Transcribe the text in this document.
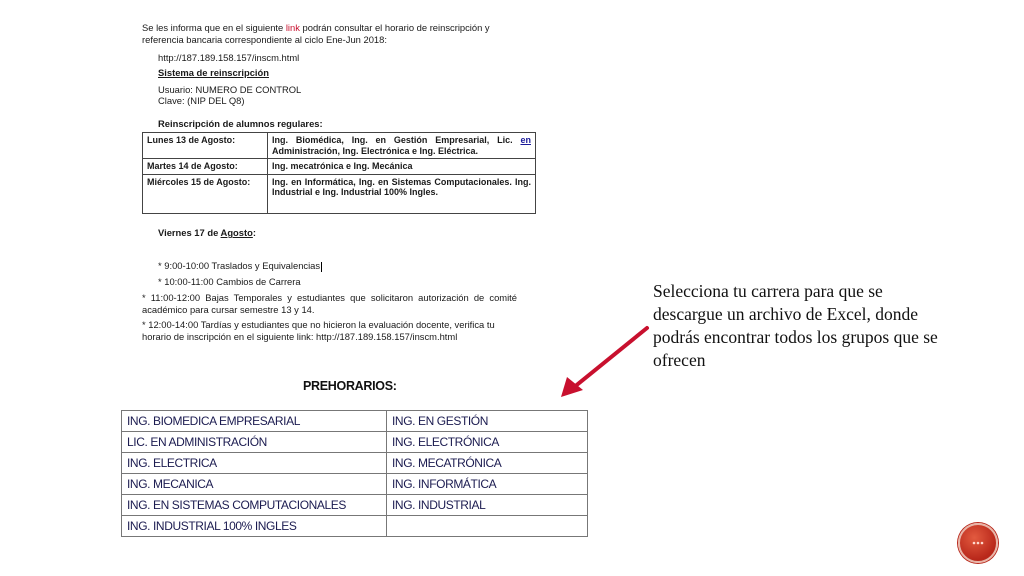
Se les informa que en el siguiente link podrán consultar el horario de reinscripción y referencia bancaria correspondiente al ciclo Ene-Jun 2018:

http://187.189.158.157/inscm.html

Sistema de reinscripción

Usuario: NUMERO DE CONTROL

Clave: (NIP DEL Q8)

Reinscripción de alumnos regulares:

Lunes 13 de Agosto:	Ing. Biomédica, Ing. en Gestión Empresarial, Lic. en Administración, Ing. Electrónica e Ing. Eléctrica.
Martes 14 de Agosto:	Ing. mecatrónica e Ing. Mecánica
Miércoles 15 de Agosto:	Ing. en Informática, Ing. en Sistemas Computacionales. Ing. Industrial e Ing. Industrial 100% Ingles.

Viernes 17 de Agosto:

* 9:00-10:00 Traslados y Equivalencias

* 10:00-11:00 Cambios de Carrera

* 11:00-12:00 Bajas Temporales y estudiantes que solicitaron autorización de comité académico para cursar semestre 13 y 14.

* 12:00-14:00 Tardías y estudiantes que no hicieron la evaluación docente, verifica tu horario de inscripción en el siguiente link: http://187.189.158.157/inscm.html

PREHORARIOS:
ING. BIOMEDICA EMPRESARIAL	ING. EN GESTIÓN
LIC. EN ADMINISTRACIÓN	ING. ELECTRÓNICA
ING. ELECTRICA	ING. MECATRÓNICA
ING. MECANICA	ING. INFORMÁTICA
ING. EN SISTEMAS COMPUTACIONALES	ING. INDUSTRIAL
ING. INDUSTRIAL 100% INGLES	
Selecciona tu carrera para que se descargue un archivo de Excel, donde podrás encontrar todos los grupos que se ofrecen
